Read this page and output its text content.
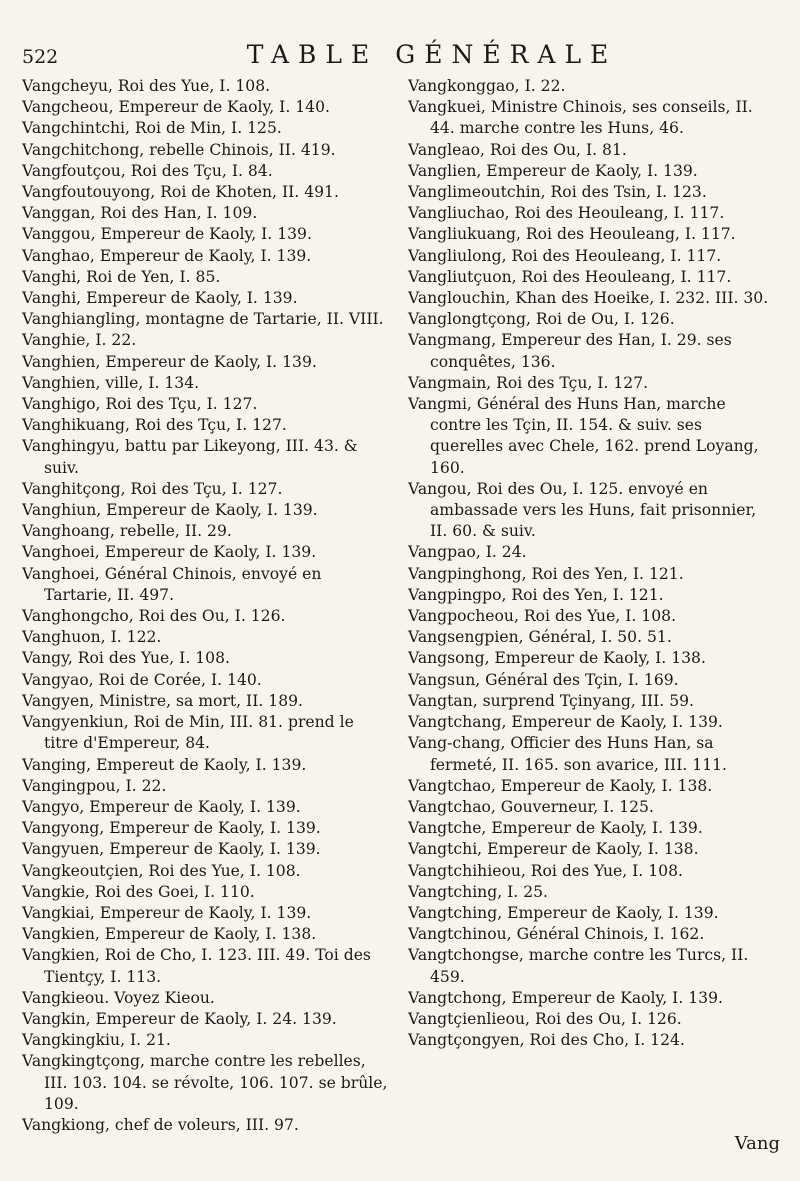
522	TABLE GÉNÉRALE

Vangcheyu, Roi des Yue, I. 108.

Vangcheou, Empereur de Kaoly, I. 140.

Vangchintchi, Roi de Min, I. 125.

Vangchitchong, rebelle Chinois, II. 419.

Vangfoutçou, Roi des Tçu, I. 84.

Vangfoutouyong, Roi de Khoten, II. 491.

Vanggan, Roi des Han, I. 109.

Vanggou, Empereur de Kaoly, I. 139.

Vanghao, Empereur de Kaoly, I. 139.

Vanghi, Roi de Yen, I. 85.

Vanghi, Empereur de Kaoly, I. 139.

Vanghiangling, montagne de Tartarie, II. VIII.

Vanghie, I. 22.

Vanghien, Empereur de Kaoly, I. 139.

Vanghien, ville, I. 134.

Vanghigo, Roi des Tçu, I. 127.

Vanghikuang, Roi des Tçu, I. 127.

Vanghingyu, battu par Likeyong, III. 43. & suiv.

Vanghitçong, Roi des Tçu, I. 127.

Vanghiun, Empereur de Kaoly, I. 139.

Vanghoang, rebelle, II. 29.

Vanghoei, Empereur de Kaoly, I. 139.

Vanghoei, Général Chinois, envoyé en Tartarie, II. 497.

Vanghongcho, Roi des Ou, I. 126.

Vanghuon, I. 122.

Vangy, Roi des Yue, I. 108.

Vangyao, Roi de Corée, I. 140.

Vangyen, Ministre, sa mort, II. 189.

Vangyenkiun, Roi de Min, III. 81. prend le titre d'Empereur, 84.

Vanging, Empereut de Kaoly, I. 139.

Vangingpou, I. 22.

Vangyo, Empereur de Kaoly, I. 139.

Vangyong, Empereur de Kaoly, I. 139.

Vangyuen, Empereur de Kaoly, I. 139.

Vangkeoutçien, Roi des Yue, I. 108.

Vangkie, Roi des Goei, I. 110.

Vangkiai, Empereur de Kaoly, I. 139.

Vangkien, Empereur de Kaoly, I. 138.

Vangkien, Roi de Cho, I. 123. III. 49. Toi des Tientçy, I. 113.

Vangkieou. Voyez Kieou.

Vangkin, Empereur de Kaoly, I. 24. 139.

Vangkingkiu, I. 21.

Vangkingtçong, marche contre les rebelles, III. 103. 104. se révolte, 106. 107. se brûle, 109.

Vangkiong, chef de voleurs, III. 97.

Vangkonggao, I. 22.

Vangkuei, Ministre Chinois, ses conseils, II. 44. marche contre les Huns, 46.

Vangleao, Roi des Ou, I. 81.

Vanglien, Empereur de Kaoly, I. 139.

Vanglimeoutchin, Roi des Tsin, I. 123.

Vangliuchao, Roi des Heouleang, I. 117.

Vangliukuang, Roi des Heouleang, I. 117.

Vangliulong, Roi des Heouleang, I. 117.

Vangliutçuon, Roi des Heouleang, I. 117.

Vanglouchin, Khan des Hoeike, I. 232. III. 30.

Vanglongtçong, Roi de Ou, I. 126.

Vangmang, Empereur des Han, I. 29. ses conquêtes, 136.

Vangmain, Roi des Tçu, I. 127.

Vangmi, Général des Huns Han, marche contre les Tçin, II. 154. & suiv. ses querelles avec Chele, 162. prend Loyang, 160.

Vangou, Roi des Ou, I. 125. envoyé en ambassade vers les Huns, fait prisonnier, II. 60. & suiv.

Vangpao, I. 24.

Vangpinghong, Roi des Yen, I. 121.

Vangpingpo, Roi des Yen, I. 121.

Vangpocheou, Roi des Yue, I. 108.

Vangsengpien, Général, I. 50. 51.

Vangsong, Empereur de Kaoly, I. 138.

Vangsun, Général des Tçin, I. 169.

Vangtan, surprend Tçinyang, III. 59.

Vangtchang, Empereur de Kaoly, I. 139.

Vang-chang, Officier des Huns Han, sa fermeté, II. 165. son avarice, III. 111.

Vangtchao, Empereur de Kaoly, I. 138.

Vangtchao, Gouverneur, I. 125.

Vangtche, Empereur de Kaoly, I. 139.

Vangtchi, Empereur de Kaoly, I. 138.

Vangtchihieou, Roi des Yue, I. 108.

Vangtching, I. 25.

Vangtching, Empereur de Kaoly, I. 139.

Vangtchinou, Général Chinois, I. 162.

Vangtchongse, marche contre les Turcs, II. 459.

Vangtchong, Empereur de Kaoly, I. 139.

Vangtçienlieou, Roi des Ou, I. 126.

Vangtçongyen, Roi des Cho, I. 124.

Vang
